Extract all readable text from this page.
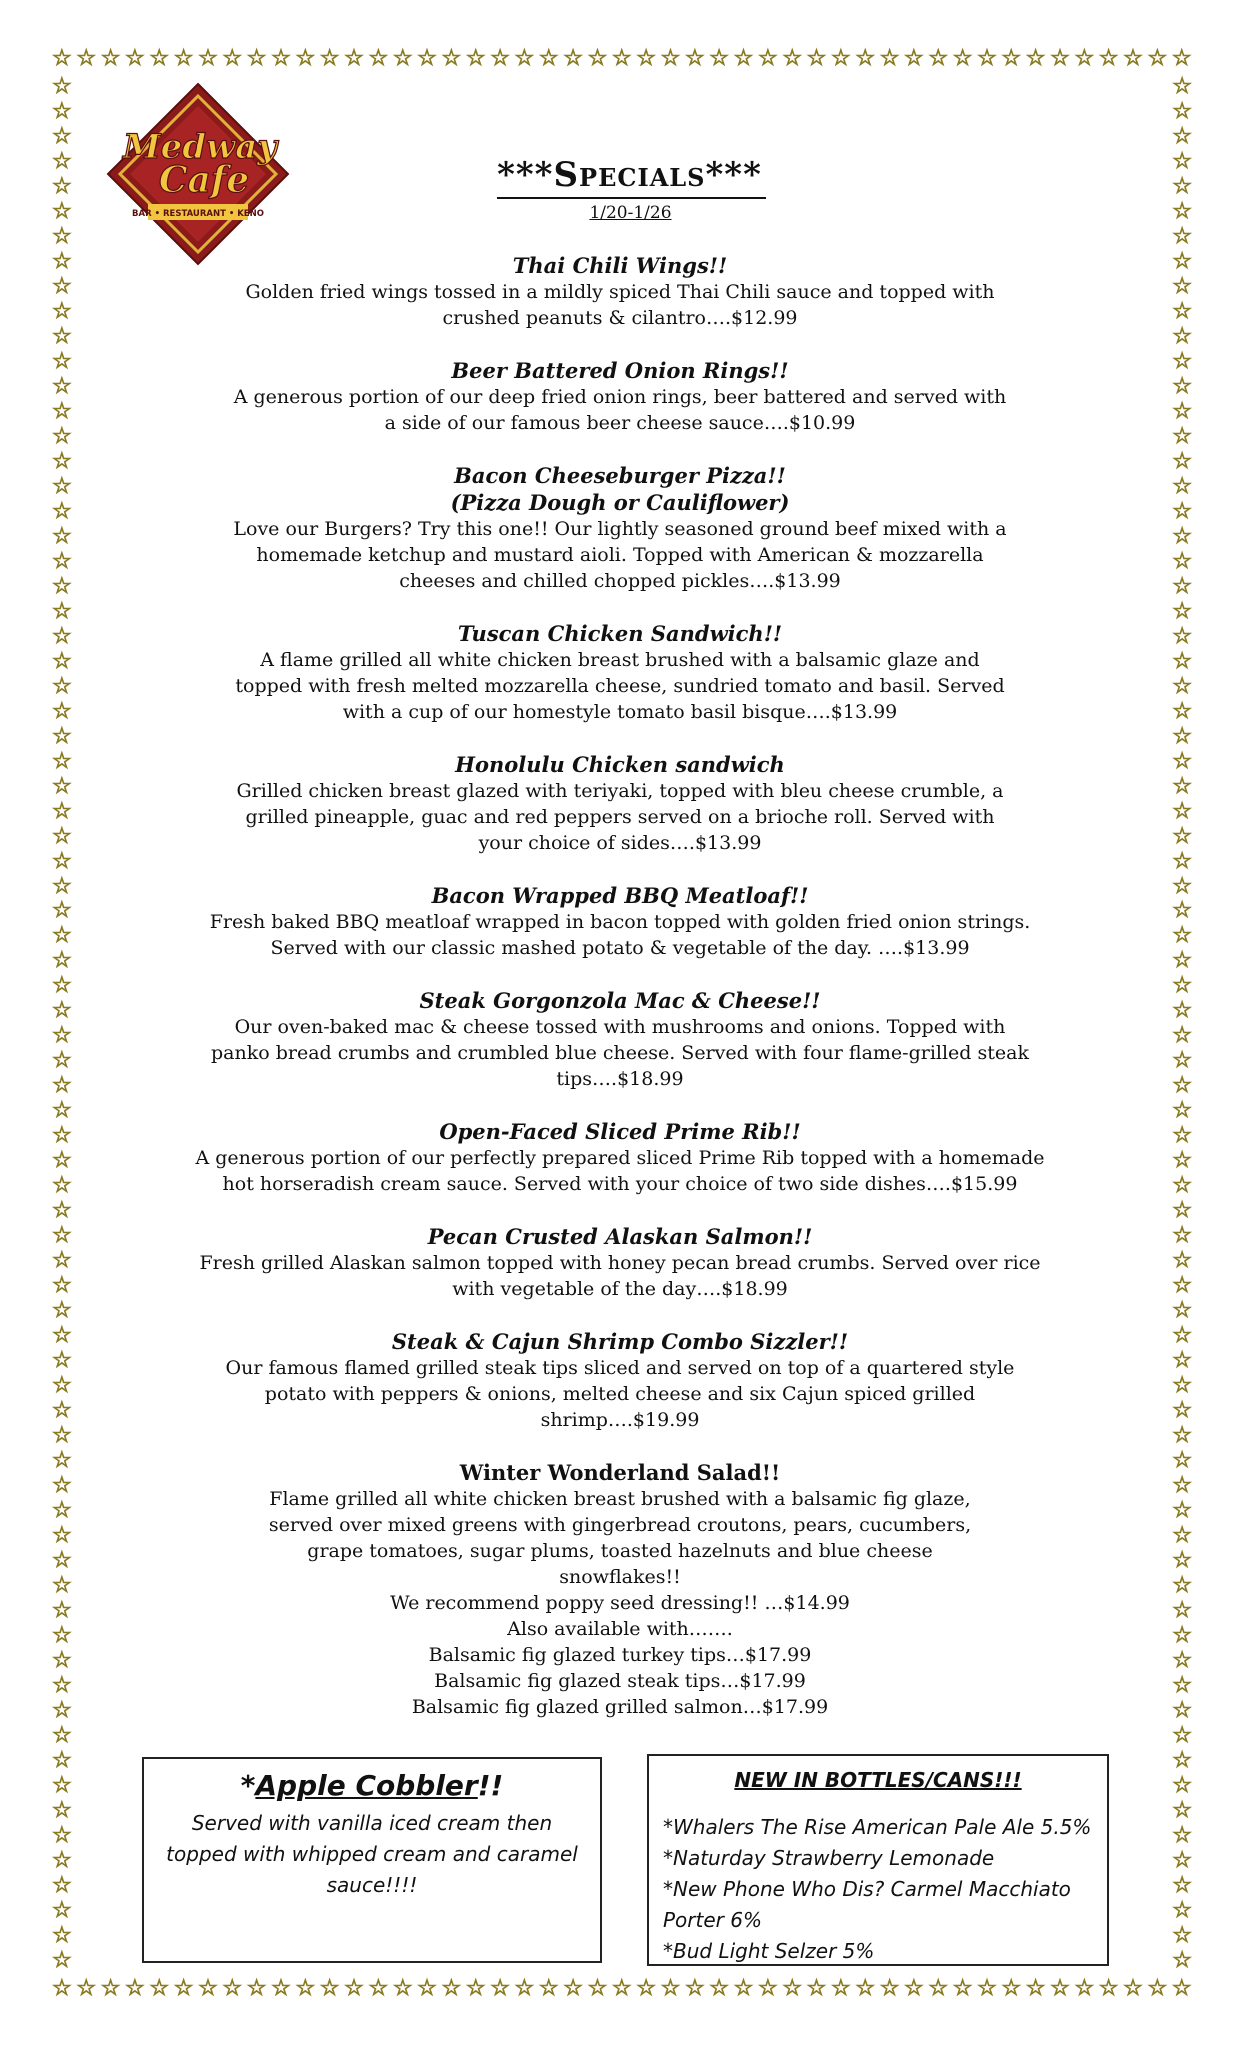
☆ ☆ ☆ ☆ ☆ ☆ ☆ ☆ ☆ ☆ ☆ ☆ ☆ ☆ ☆ ☆ ☆ ☆ ☆ ☆ ☆ ☆ ☆ ☆ ☆ ☆ ☆ ☆ ☆ ☆ ☆ ☆ ☆ ☆ ☆ ☆ ☆ ☆ ☆ ☆ ☆ ☆ ☆ ☆ ☆ ☆ ☆
☆ ☆ ☆ ☆ ☆ ☆ ☆ ☆ ☆ ☆ ☆ ☆ ☆ ☆ ☆ ☆ ☆ ☆ ☆ ☆ ☆ ☆ ☆ ☆ ☆ ☆ ☆ ☆ ☆ ☆ ☆ ☆ ☆ ☆ ☆ ☆ ☆ ☆ ☆ ☆ ☆ ☆ ☆ ☆ ☆ ☆ ☆
☆
☆
☆
☆
☆
☆
☆
☆
☆
☆
☆
☆
☆
☆
☆
☆
☆
☆
☆
☆
☆
☆
☆
☆
☆
☆
☆
☆
☆
☆
☆
☆
☆
☆
☆
☆
☆
☆
☆
☆
☆
☆
☆
☆
☆
☆
☆
☆
☆
☆
☆
☆
☆
☆
☆
☆
☆
☆
☆
☆
☆
☆
☆
☆
☆
☆
☆
☆
☆
☆
☆
☆
☆
☆
☆
☆
☆
☆
☆
☆
☆
☆
☆
☆
☆
☆
☆
☆
☆
☆
☆
☆
☆
☆
☆
☆
☆
☆
☆
☆
☆
☆
☆
☆
☆
☆
☆
☆
☆
☆
☆
☆
☆
☆
☆
☆
☆
☆
☆
☆
☆
☆
☆
☆
☆
☆
☆
☆
☆
☆
☆
☆
☆
☆
☆
☆
☆
☆
☆
☆
☆
☆
☆
☆
☆
☆
☆
☆
☆
☆
☆
☆
Medway
Cafe
BAR • RESTAURANT • KENO
***Specials***
1/20-1/26
Thai Chili Wings!!
Golden fried wings tossed in a mildly spiced Thai Chili sauce and topped with
crushed peanuts & cilantro….$12.99
Beer Battered Onion Rings!!
A generous portion of our deep fried onion rings, beer battered and served with
a side of our famous beer cheese sauce….$10.99
Bacon Cheeseburger Pizza!!
(Pizza Dough or Cauliflower)
Love our Burgers? Try this one!! Our lightly seasoned ground beef mixed with a
homemade ketchup and mustard aioli. Topped with American & mozzarella
cheeses and chilled chopped pickles….$13.99
Tuscan Chicken Sandwich!!
A flame grilled all white chicken breast brushed with a balsamic glaze and
topped with fresh melted mozzarella cheese, sundried tomato and basil. Served
with a cup of our homestyle tomato basil bisque….$13.99
Honolulu Chicken sandwich
Grilled chicken breast glazed with teriyaki, topped with bleu cheese crumble, a
grilled pineapple, guac and red peppers served on a brioche roll. Served with
your choice of sides….$13.99
Bacon Wrapped BBQ Meatloaf!!
Fresh baked BBQ meatloaf wrapped in bacon topped with golden fried onion strings.
Served with our classic mashed potato & vegetable of the day. ….$13.99
Steak Gorgonzola Mac & Cheese!!
Our oven-baked mac & cheese tossed with mushrooms and onions. Topped with
panko bread crumbs and crumbled blue cheese. Served with four flame-grilled steak
tips….$18.99
Open-Faced Sliced Prime Rib!!
A generous portion of our perfectly prepared sliced Prime Rib topped with a homemade
hot horseradish cream sauce. Served with your choice of two side dishes….$15.99
Pecan Crusted Alaskan Salmon!!
Fresh grilled Alaskan salmon topped with honey pecan bread crumbs. Served over rice
with vegetable of the day….$18.99
Steak & Cajun Shrimp Combo Sizzler!!
Our famous flamed grilled steak tips sliced and served on top of a quartered style
potato with peppers & onions, melted cheese and six Cajun spiced grilled
shrimp….$19.99
Winter Wonderland Salad!!
Flame grilled all white chicken breast brushed with a balsamic fig glaze,
served over mixed greens with gingerbread croutons, pears, cucumbers,
grape tomatoes, sugar plums, toasted hazelnuts and blue cheese
snowflakes!!
We recommend poppy seed dressing!! …$14.99
Also available with…….
Balsamic fig glazed turkey tips…$17.99
Balsamic fig glazed steak tips…$17.99
Balsamic fig glazed grilled salmon…$17.99
*Apple Cobbler!!
Served with vanilla iced cream then topped with whipped cream and caramel sauce!!!!
NEW IN BOTTLES/CANS!!!
*Whalers The Rise American Pale Ale 5.5%
*Naturday Strawberry Lemonade
*New Phone Who Dis? Carmel Macchiato Porter 6%
*Bud Light Selzer 5%
